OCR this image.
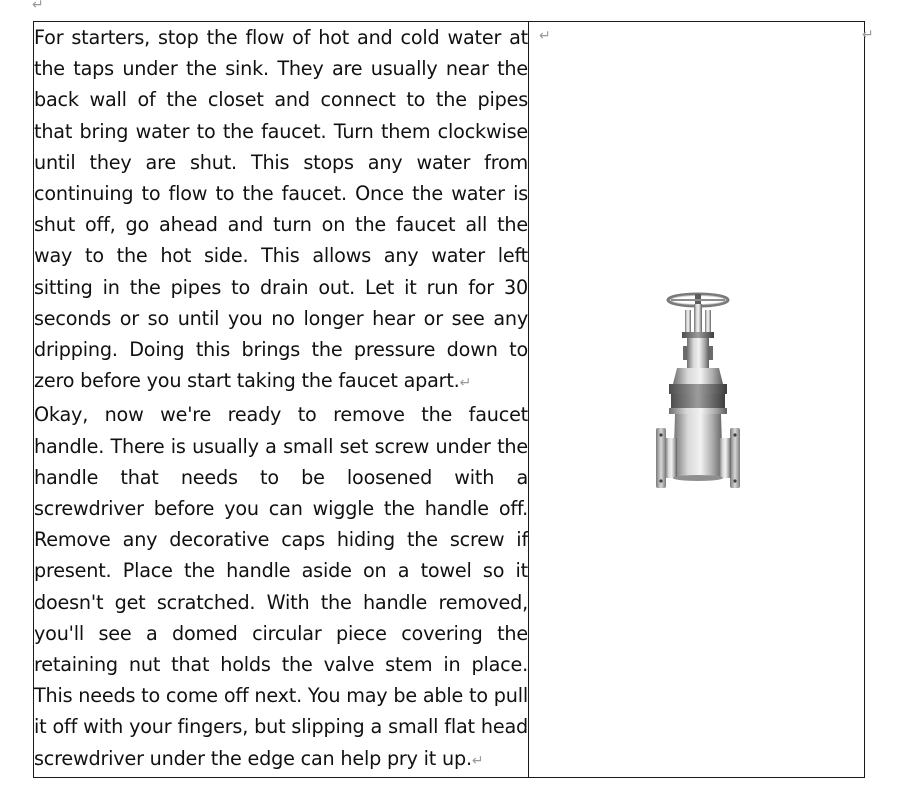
↵

For starters, stop the flow of hot and cold water at the taps under the sink. They are usually near the back wall of the closet and connect to the pipes that bring water to the faucet. Turn them clockwise until they are shut. This stops any water from continuing to flow to the faucet. Once the water is shut off, go ahead and turn on the faucet all the way to the hot side. This allows any water left sitting in the pipes to drain out. Let it run for 30 seconds or so until you no longer hear or see any dripping. Doing this brings the pressure down to zero before you start taking the faucet apart.↵

Okay, now we're ready to remove the faucet handle. There is usually a small set screw under the handle that needs to be loosened with a screwdriver before you can wiggle the handle off. Remove any decorative caps hiding the screw if present. Place the handle aside on a towel so it doesn't get scratched. With the handle removed, you'll see a domed circular piece covering the retaining nut that holds the valve stem in place. This needs to come off next. You may be able to pull it off with your fingers, but slipping a small flat head screwdriver under the edge can help pry it up.↵

↵	↵
